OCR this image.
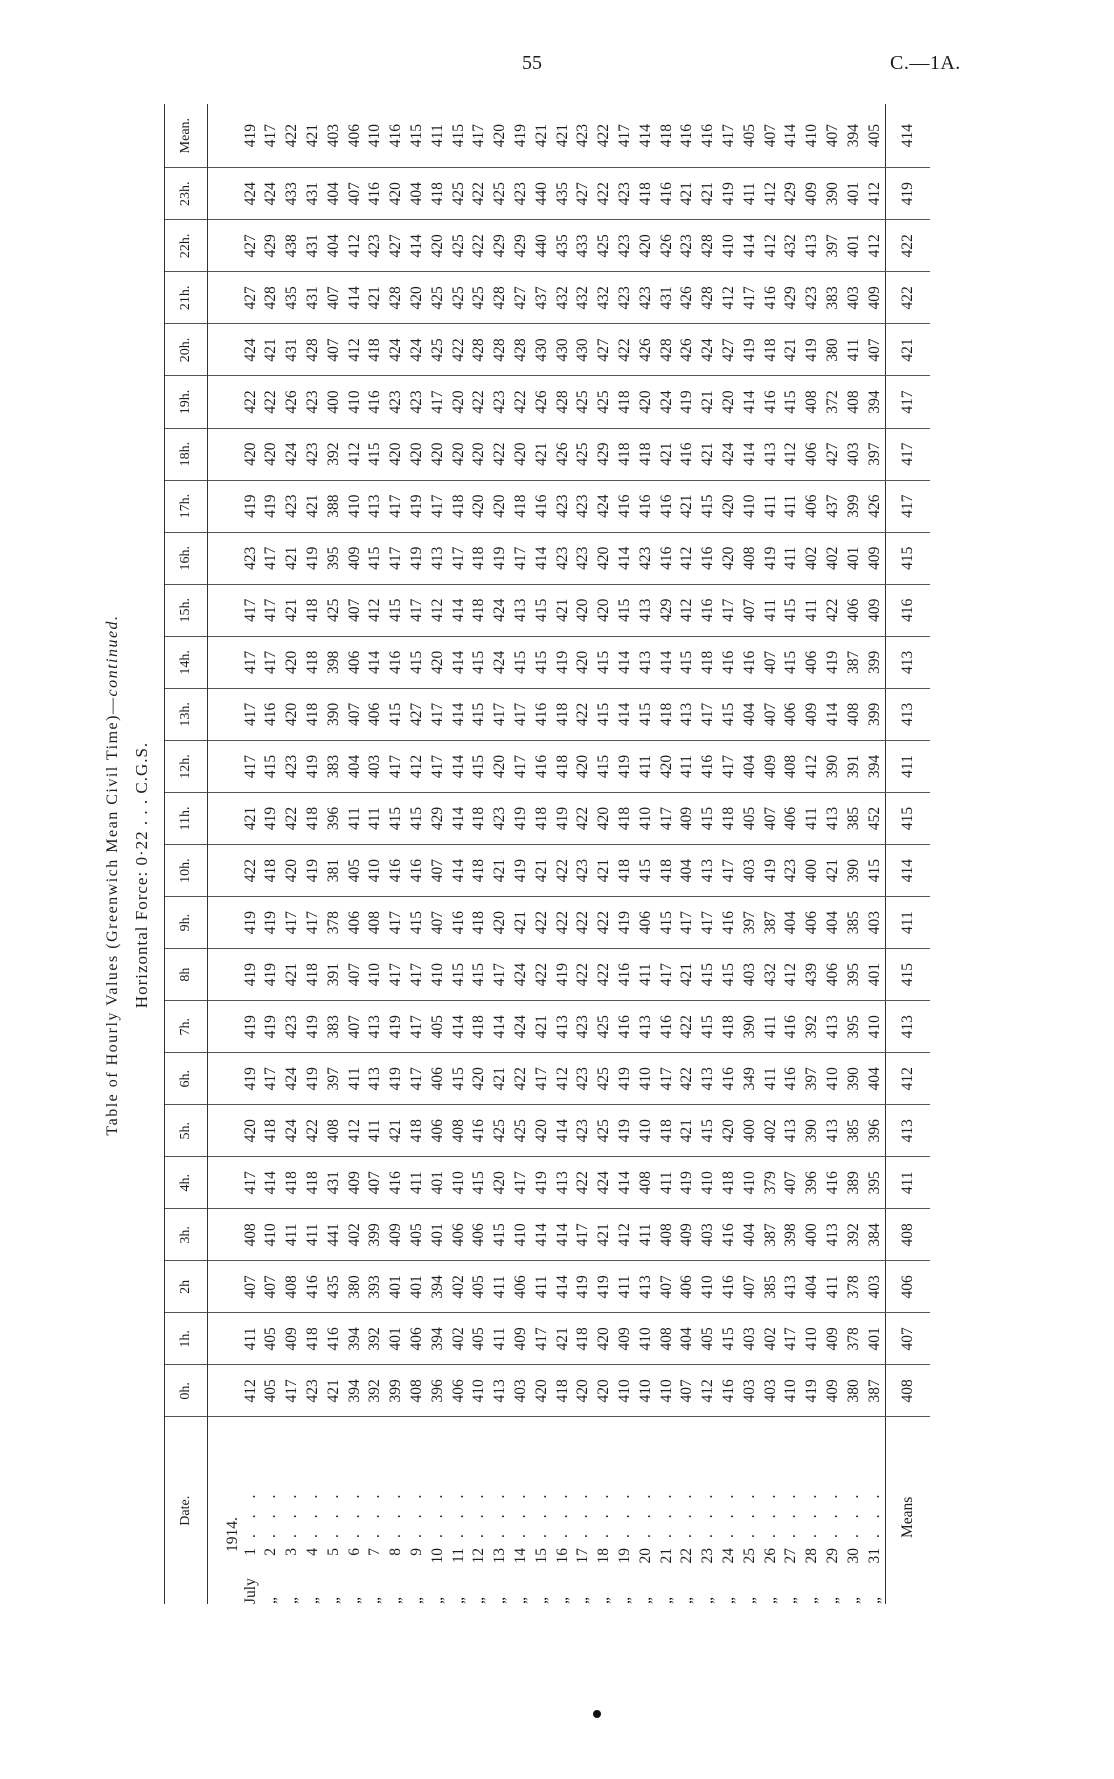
55	C.—1A.
Table of Hourly Values (Greenwich Mean Civil Time)—continued.
Horizontal Force: 0·22 . . . C.G.S.
Date.	0h.	1h.	2h	3h.	4h.	5h.	6h.	7h.	8h	9h.	10h.	11h.	12h.	13h.	14h.	15h.	16h.	17h.	18h.	19h.	20h.	21h.	22h.	23h.	Mean.
1914.																									
July1. . .	412	411	407	408	417	420	419	419	419	419	422	421	417	417	417	417	423	419	420	422	424	427	427	424	419
„2. . .	405	405	407	410	414	418	417	419	419	419	418	419	415	416	417	417	417	419	420	422	421	428	429	424	417
„3. . .	417	409	408	411	418	424	424	423	421	417	420	422	423	420	420	421	421	423	424	426	431	435	438	433	422
„4. . .	423	418	416	411	418	422	419	419	418	417	419	418	419	418	418	418	419	421	423	423	428	431	431	431	421
„5. . .	421	416	435	441	431	408	397	383	391	378	381	396	383	390	398	425	395	388	392	400	407	407	404	404	403
„6. . .	394	394	380	402	409	412	411	407	407	406	405	411	404	407	406	407	409	410	412	410	412	414	412	407	406
„7. . .	392	392	393	399	407	411	413	413	410	408	410	411	403	406	414	412	415	413	415	416	418	421	423	416	410
„8. . .	399	401	401	409	416	421	419	419	417	417	416	415	417	415	416	415	417	417	420	423	424	428	427	420	416
„9. . .	408	406	401	405	411	418	417	417	417	415	416	415	412	427	415	417	419	419	420	423	424	420	414	404	415
„10. . .	396	394	394	401	401	406	406	405	410	407	407	429	417	417	420	412	413	417	420	417	425	425	420	418	411
„11. . .	406	402	402	406	410	408	415	414	415	416	414	414	414	414	414	414	417	418	420	420	422	425	425	425	415
„12. . .	410	405	405	406	415	416	420	418	415	418	418	418	415	415	415	418	418	420	420	422	428	425	422	422	417
„13. . .	413	411	411	415	420	425	421	414	417	420	421	423	420	417	424	424	419	420	422	423	428	428	429	425	420
„14. . .	403	409	406	410	417	425	422	424	424	421	419	419	417	417	415	413	417	418	420	422	428	427	429	423	419
„15. . .	420	417	411	414	419	420	417	421	422	422	421	418	416	416	415	415	414	416	421	426	430	437	440	440	421
„16. . .	418	421	414	414	413	414	412	413	419	422	422	419	418	418	419	421	423	423	426	428	430	432	435	435	421
„17. . .	420	418	419	417	422	423	423	423	422	422	423	422	420	422	420	420	423	423	425	425	430	432	433	427	423
„18. . .	420	420	419	421	424	425	425	425	422	422	421	420	415	415	415	420	420	424	429	425	427	432	425	422	422
„19. . .	410	409	411	412	414	419	419	416	416	419	418	418	419	414	414	415	414	416	418	418	422	423	423	423	417
„20. . .	410	410	413	411	408	410	410	413	411	406	415	410	411	415	413	413	423	416	418	420	426	423	420	418	414
„21. . .	410	408	407	408	411	418	417	416	417	415	418	417	420	418	414	429	416	416	421	424	428	431	426	416	418
„22. . .	407	404	406	409	419	421	422	422	421	417	404	409	411	413	415	412	412	421	416	419	426	426	423	421	416
„23. . .	412	405	410	403	410	415	413	415	415	417	413	415	416	417	418	416	416	415	421	421	424	428	428	421	416
„24. . .	416	415	416	416	418	420	416	418	415	416	417	418	417	415	416	417	420	420	424	420	427	412	410	419	417
„25. . .	403	403	407	404	410	400	349	390	403	397	403	405	404	404	416	407	408	410	414	414	419	417	414	411	405
„26. . .	403	402	385	387	379	402	411	411	432	387	419	407	409	407	407	411	419	411	413	416	418	416	412	412	407
„27. . .	410	417	413	398	407	413	416	416	412	404	423	406	408	406	415	415	411	411	412	415	421	429	432	429	414
„28. . .	419	410	404	400	396	390	397	392	439	406	400	411	412	409	406	411	402	406	406	408	419	423	413	409	410
„29. . .	409	409	411	413	416	413	410	413	406	404	421	413	390	414	419	422	402	437	427	372	380	383	397	390	407
„30. . .	380	378	378	392	389	385	390	395	395	385	390	385	391	408	387	406	401	399	403	408	411	403	401	401	394
„31. . .	387	401	403	384	395	396	404	410	401	403	415	452	394	399	399	409	409	426	397	394	407	409	412	412	405
Means	408	407	406	408	411	413	412	413	415	411	414	415	411	413	413	416	415	417	417	417	421	422	422	419	414
